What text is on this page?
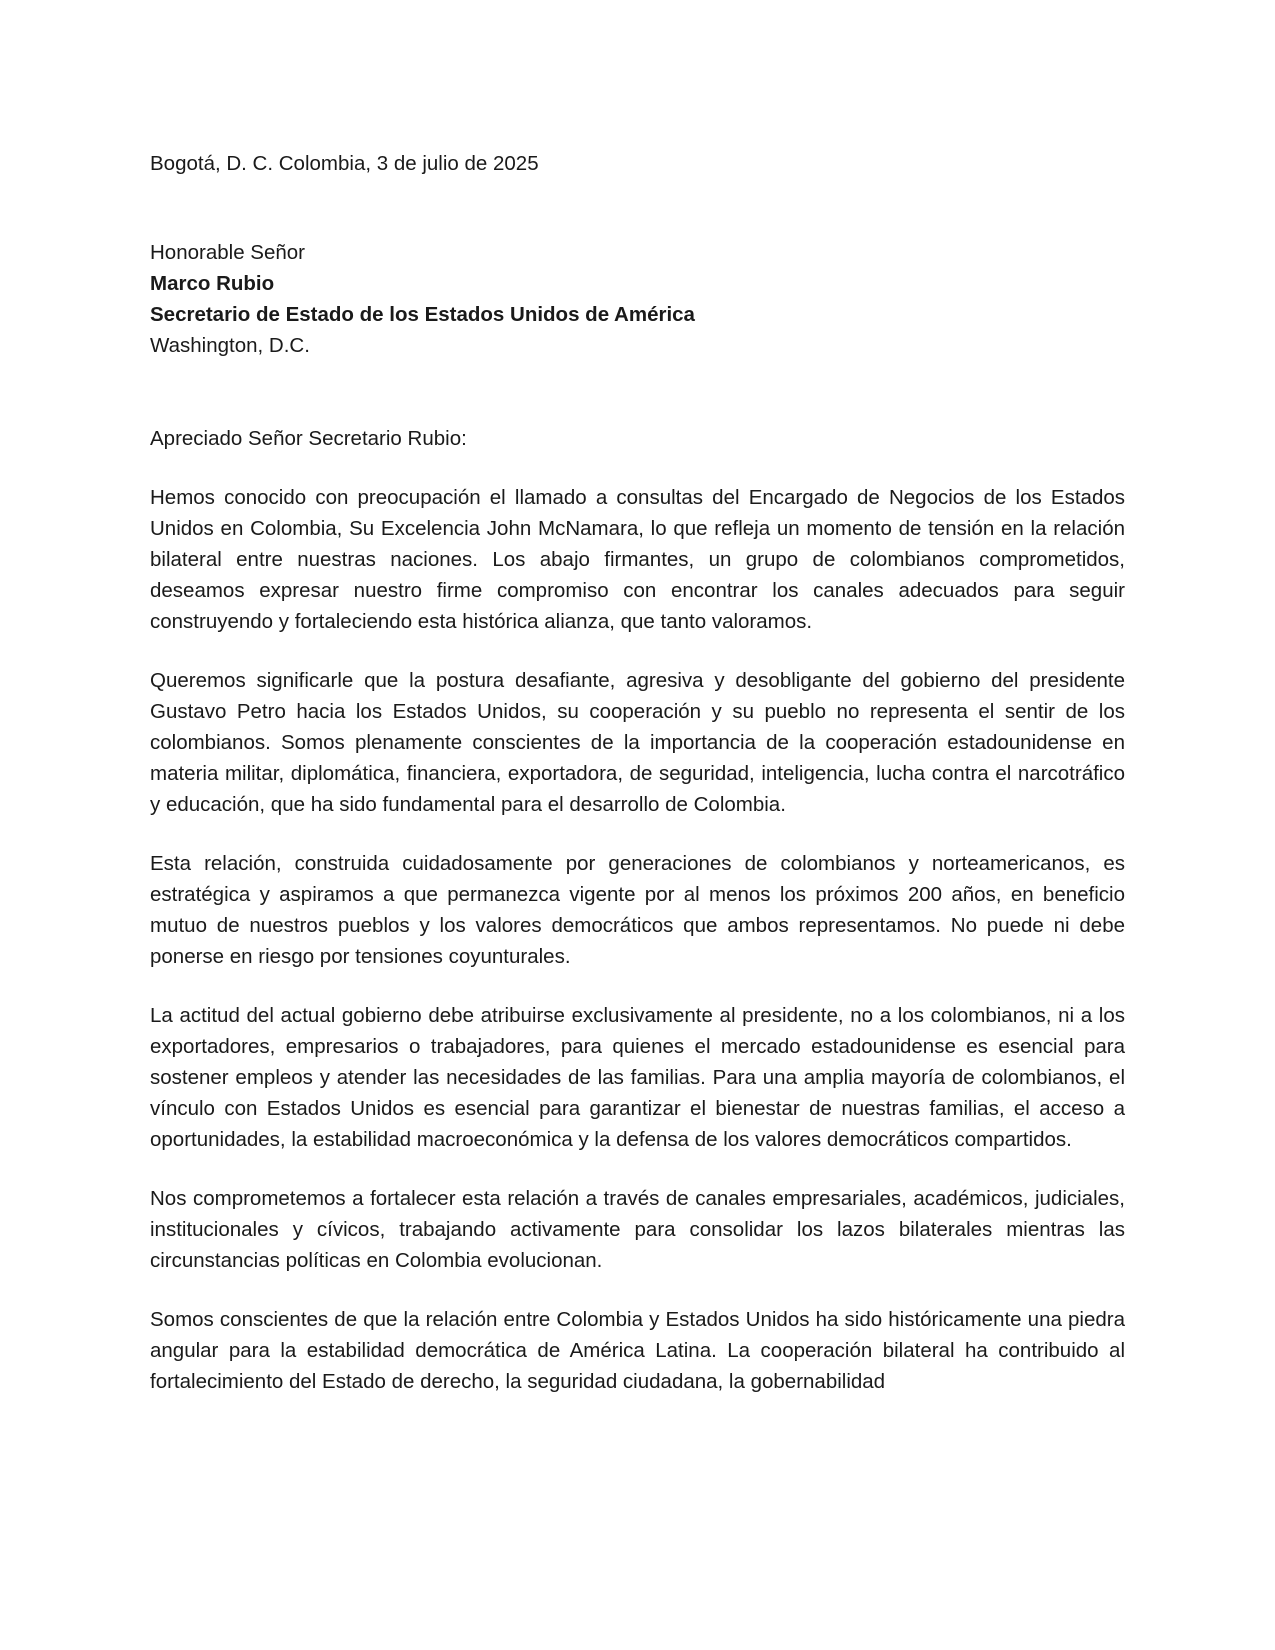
Bogotá, D. C. Colombia, 3 de julio de 2025

Honorable Señor
Marco Rubio
Secretario de Estado de los Estados Unidos de América
Washington, D.C.

Apreciado Señor Secretario Rubio:

Hemos conocido con preocupación el llamado a consultas del Encargado de Negocios de los Estados Unidos en Colombia, Su Excelencia John McNamara, lo que refleja un momento de tensión en la relación bilateral entre nuestras naciones. Los abajo firmantes, un grupo de colombianos comprometidos, deseamos expresar nuestro firme compromiso con encontrar los canales adecuados para seguir construyendo y fortaleciendo esta histórica alianza, que tanto valoramos.

Queremos significarle que la postura desafiante, agresiva y desobligante del gobierno del presidente Gustavo Petro hacia los Estados Unidos, su cooperación y su pueblo no representa el sentir de los colombianos. Somos plenamente conscientes de la importancia de la cooperación estadounidense en materia militar, diplomática, financiera, exportadora, de seguridad, inteligencia, lucha contra el narcotráfico y educación, que ha sido fundamental para el desarrollo de Colombia.

Esta relación, construida cuidadosamente por generaciones de colombianos y norteamericanos, es estratégica y aspiramos a que permanezca vigente por al menos los próximos 200 años, en beneficio mutuo de nuestros pueblos y los valores democráticos que ambos representamos. No puede ni debe ponerse en riesgo por tensiones coyunturales.

La actitud del actual gobierno debe atribuirse exclusivamente al presidente, no a los colombianos, ni a los exportadores, empresarios o trabajadores, para quienes el mercado estadounidense es esencial para sostener empleos y atender las necesidades de las familias. Para una amplia mayoría de colombianos, el vínculo con Estados Unidos es esencial para garantizar el bienestar de nuestras familias, el acceso a oportunidades, la estabilidad macroeconómica y la defensa de los valores democráticos compartidos.

Nos comprometemos a fortalecer esta relación a través de canales empresariales, académicos, judiciales, institucionales y cívicos, trabajando activamente para consolidar los lazos bilaterales mientras las circunstancias políticas en Colombia evolucionan.

Somos conscientes de que la relación entre Colombia y Estados Unidos ha sido históricamente una piedra angular para la estabilidad democrática de América Latina. La cooperación bilateral ha contribuido al fortalecimiento del Estado de derecho, la seguridad ciudadana, la gobernabilidad
